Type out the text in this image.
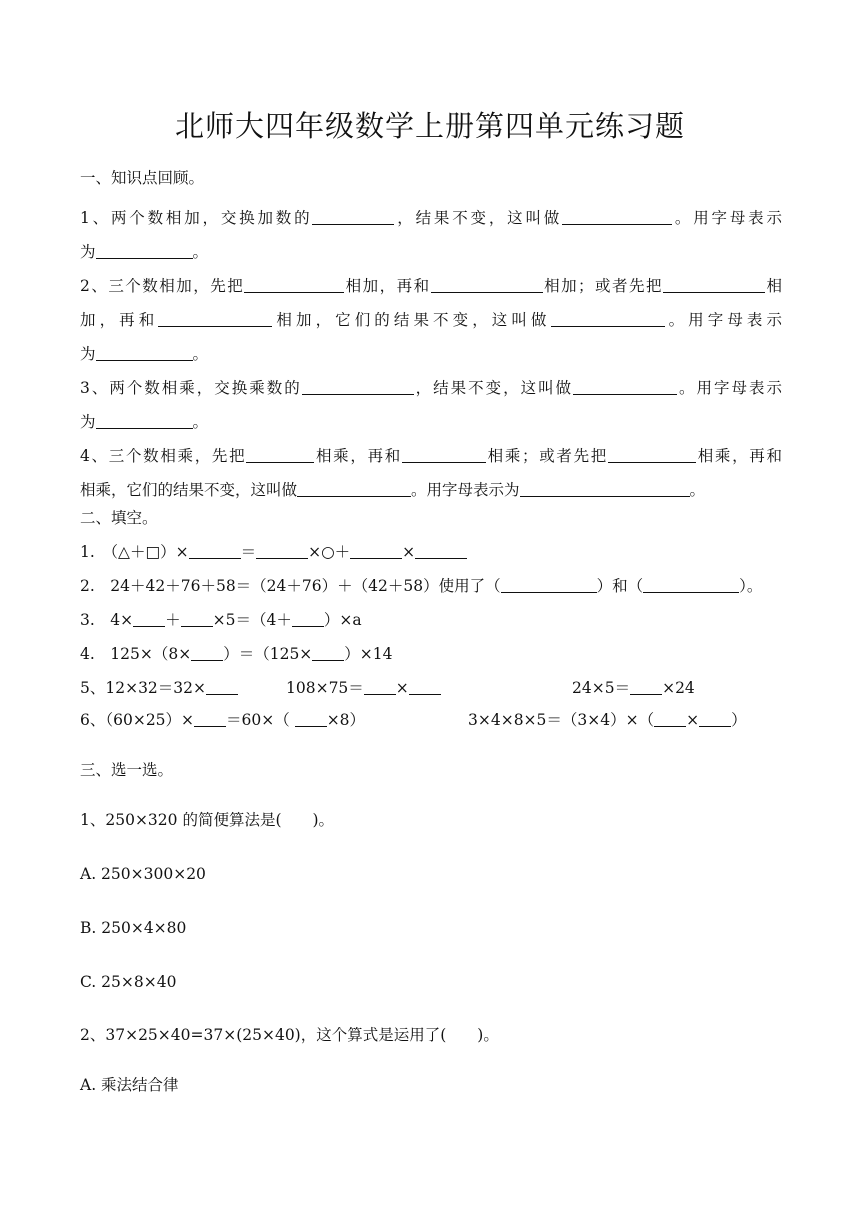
北师大四年级数学上册第四单元练习题
一、知识点回顾。
1、两个数相加，交换加数的	，结果不变，这叫做	。用字母表示
为	。
2、三个数相加，先把	相加，再和	相加；或者先把	相
加，再和	相加，它们的结果不变，这叫做	。用字母表示
为	。
3、两个数相乘，交换乘数的	，结果不变，这叫做	。用字母表示
为	。
4、三个数相乘，先把	相乘，再和	相乘；或者先把	相乘，再和
相乘，它们的结果不变，这叫做	。用字母表示为	。
二、填空。
1.　（△＋□）×	＝	×○＋	×
2.　24＋42＋76＋58＝（24＋76）＋（42＋58）使用了（	）和（	）。
3.　4× ＋ ×5＝（4＋ ）×a
4.　125×（8× ）＝（125× ）×14
5、12×32＝32×	108×75＝ ×	24×5＝ ×24
6、（60×25）× ＝60×（ ×8）	3×4×8×5＝（3×4）×（ × ）
三、选一选。
1、250×320 的简便算法是(　　)。
A. 250×300×20
B. 250×4×80
C. 25×8×40
2、37×25×40=37×(25×40)，这个算式是运用了(　　)。
A. 乘法结合律
